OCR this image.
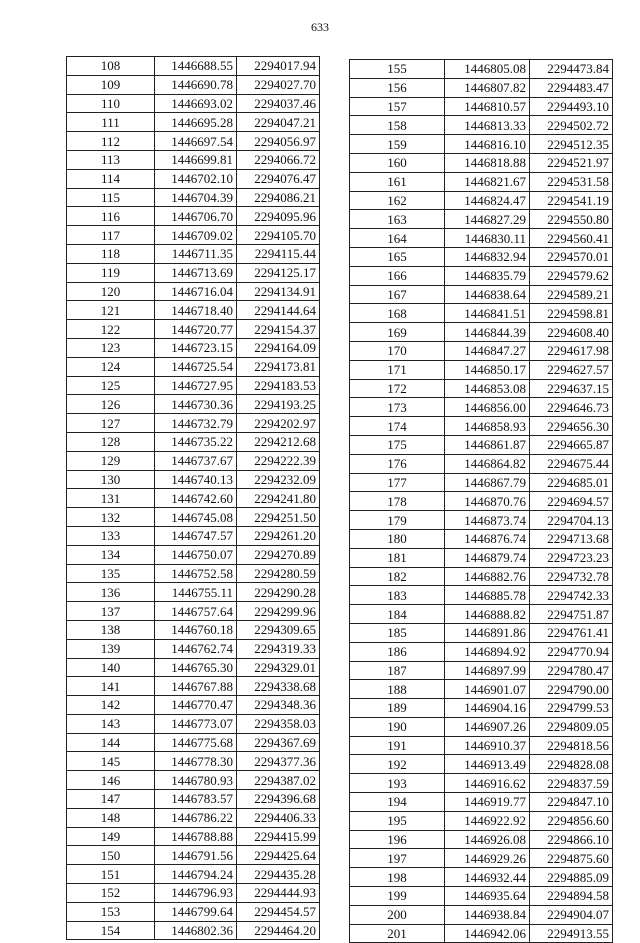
633
108	1446688.55	2294017.94
109	1446690.78	2294027.70
110	1446693.02	2294037.46
111	1446695.28	2294047.21
112	1446697.54	2294056.97
113	1446699.81	2294066.72
114	1446702.10	2294076.47
115	1446704.39	2294086.21
116	1446706.70	2294095.96
117	1446709.02	2294105.70
118	1446711.35	2294115.44
119	1446713.69	2294125.17
120	1446716.04	2294134.91
121	1446718.40	2294144.64
122	1446720.77	2294154.37
123	1446723.15	2294164.09
124	1446725.54	2294173.81
125	1446727.95	2294183.53
126	1446730.36	2294193.25
127	1446732.79	2294202.97
128	1446735.22	2294212.68
129	1446737.67	2294222.39
130	1446740.13	2294232.09
131	1446742.60	2294241.80
132	1446745.08	2294251.50
133	1446747.57	2294261.20
134	1446750.07	2294270.89
135	1446752.58	2294280.59
136	1446755.11	2294290.28
137	1446757.64	2294299.96
138	1446760.18	2294309.65
139	1446762.74	2294319.33
140	1446765.30	2294329.01
141	1446767.88	2294338.68
142	1446770.47	2294348.36
143	1446773.07	2294358.03
144	1446775.68	2294367.69
145	1446778.30	2294377.36
146	1446780.93	2294387.02
147	1446783.57	2294396.68
148	1446786.22	2294406.33
149	1446788.88	2294415.99
150	1446791.56	2294425.64
151	1446794.24	2294435.28
152	1446796.93	2294444.93
153	1446799.64	2294454.57
154	1446802.36	2294464.20
155	1446805.08	2294473.84
156	1446807.82	2294483.47
157	1446810.57	2294493.10
158	1446813.33	2294502.72
159	1446816.10	2294512.35
160	1446818.88	2294521.97
161	1446821.67	2294531.58
162	1446824.47	2294541.19
163	1446827.29	2294550.80
164	1446830.11	2294560.41
165	1446832.94	2294570.01
166	1446835.79	2294579.62
167	1446838.64	2294589.21
168	1446841.51	2294598.81
169	1446844.39	2294608.40
170	1446847.27	2294617.98
171	1446850.17	2294627.57
172	1446853.08	2294637.15
173	1446856.00	2294646.73
174	1446858.93	2294656.30
175	1446861.87	2294665.87
176	1446864.82	2294675.44
177	1446867.79	2294685.01
178	1446870.76	2294694.57
179	1446873.74	2294704.13
180	1446876.74	2294713.68
181	1446879.74	2294723.23
182	1446882.76	2294732.78
183	1446885.78	2294742.33
184	1446888.82	2294751.87
185	1446891.86	2294761.41
186	1446894.92	2294770.94
187	1446897.99	2294780.47
188	1446901.07	2294790.00
189	1446904.16	2294799.53
190	1446907.26	2294809.05
191	1446910.37	2294818.56
192	1446913.49	2294828.08
193	1446916.62	2294837.59
194	1446919.77	2294847.10
195	1446922.92	2294856.60
196	1446926.08	2294866.10
197	1446929.26	2294875.60
198	1446932.44	2294885.09
199	1446935.64	2294894.58
200	1446938.84	2294904.07
201	1446942.06	2294913.55
